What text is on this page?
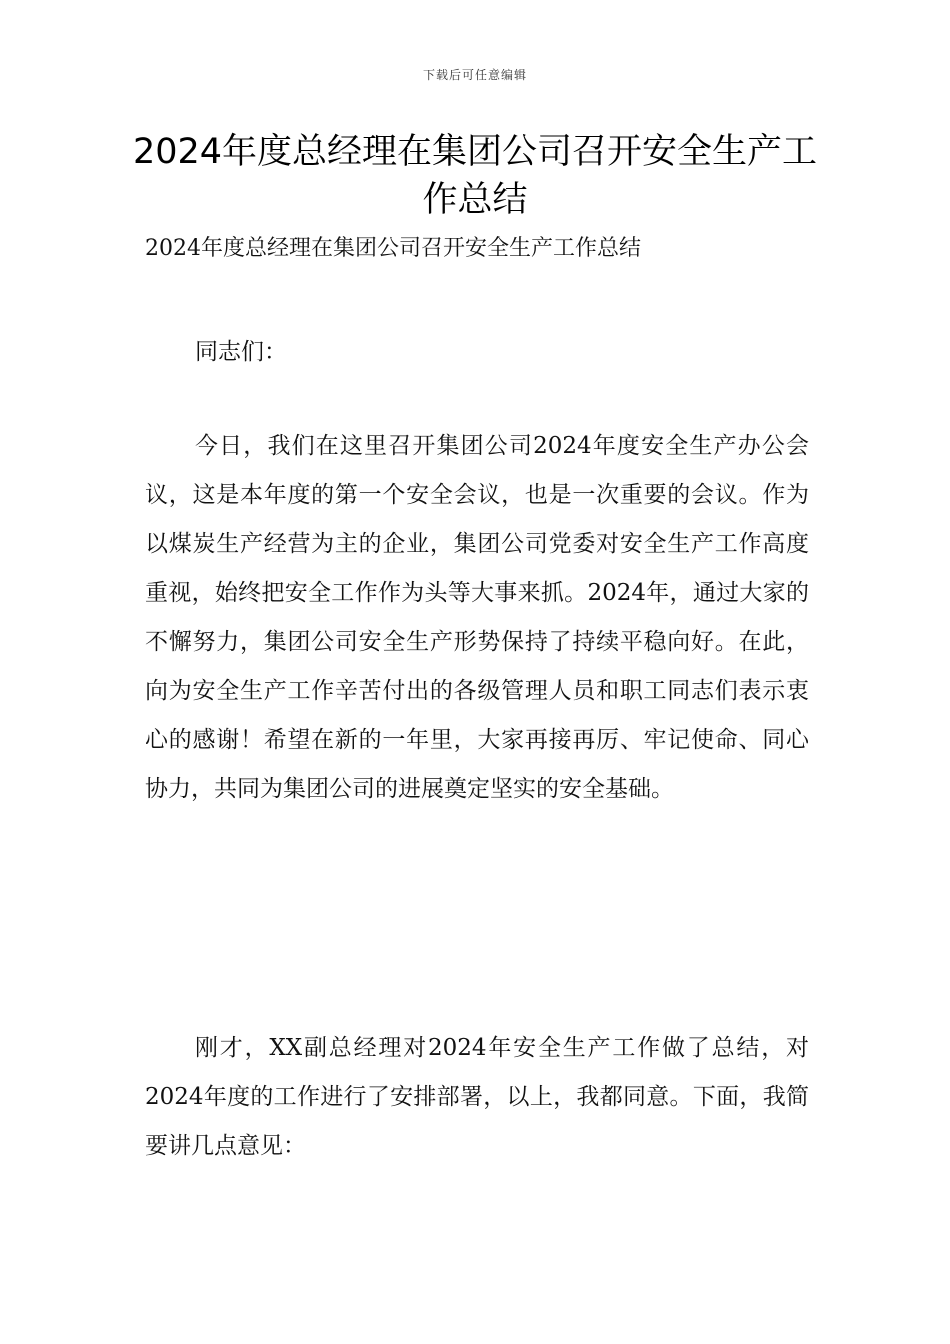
下载后可任意编辑
2024年度总经理在集团公司召开安全生产工作总结
2024年度总经理在集团公司召开安全生产工作总结

同志们：

今日，我们在这里召开集团公司2024年度安全生产办公会议，这是本年度的第一个安全会议，也是一次重要的会议。作为以煤炭生产经营为主的企业，集团公司党委对安全生产工作高度重视，始终把安全工作作为头等大事来抓。2024年，通过大家的不懈努力，集团公司安全生产形势保持了持续平稳向好。在此，向为安全生产工作辛苦付出的各级管理人员和职工同志们表示衷心的感谢！希望在新的一年里，大家再接再厉、牢记使命、同心协力，共同为集团公司的进展奠定坚实的安全基础。

刚才，XX副总经理对2024年安全生产工作做了总结，对2024年度的工作进行了安排部署，以上，我都同意。下面，我简要讲几点意见：
